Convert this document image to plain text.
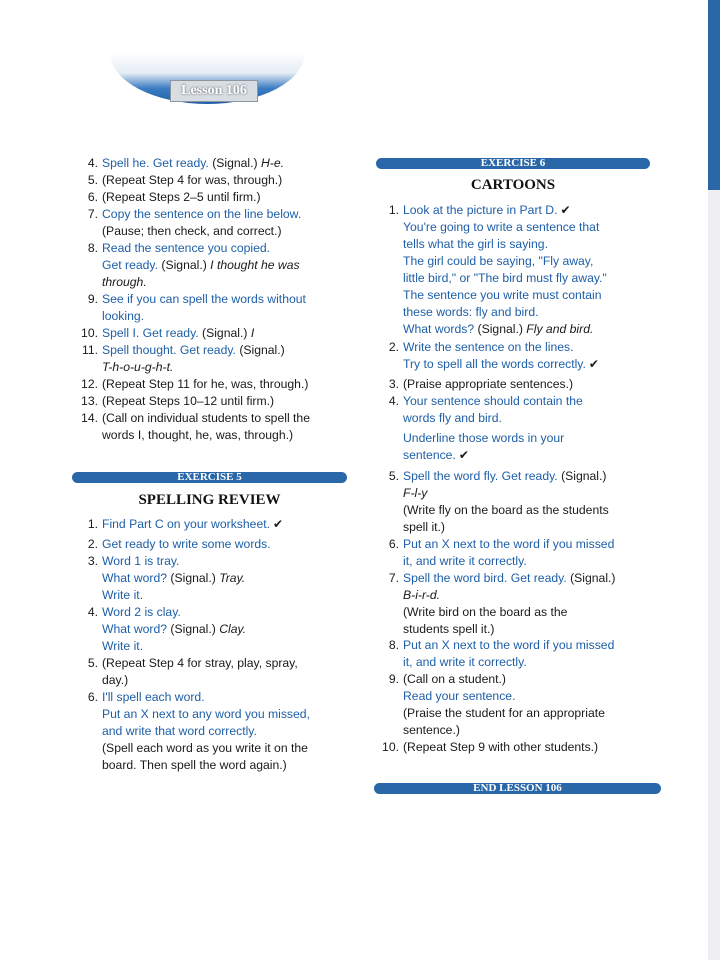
Lesson 106
4. Spell he. Get ready. (Signal.) H-e.
5. (Repeat Step 4 for was, through.)
6. (Repeat Steps 2–5 until firm.)
7. Copy the sentence on the line below.
(Pause; then check, and correct.)
8. Read the sentence you copied.
Get ready. (Signal.) I thought he was
through.
9. See if you can spell the words without
looking.
10. Spell I. Get ready. (Signal.) I
11. Spell thought. Get ready. (Signal.)
T-h-o-u-g-h-t.
12. (Repeat Step 11 for he, was, through.)
13. (Repeat Steps 10–12 until firm.)
14. (Call on individual students to spell the
words I, thought, he, was, through.)
EXERCISE 5
SPELLING REVIEW
1. Find Part C on your worksheet. ✔
2. Get ready to write some words.
3. Word 1 is tray.
What word? (Signal.) Tray.
Write it.
4. Word 2 is clay.
What word? (Signal.) Clay.
Write it.
5. (Repeat Step 4 for stray, play, spray,
day.)
6. I'll spell each word.
Put an X next to any word you missed,
and write that word correctly.
(Spell each word as you write it on the
board. Then spell the word again.)
EXERCISE 6
CARTOONS
1. Look at the picture in Part D. ✔
You're going to write a sentence that
tells what the girl is saying.
The girl could be saying, "Fly away,
little bird," or "The bird must fly away."
The sentence you write must contain
these words: fly and bird.
What words? (Signal.) Fly and bird.
2. Write the sentence on the lines.
Try to spell all the words correctly. ✔
3. (Praise appropriate sentences.)
4. Your sentence should contain the
words fly and bird.
Underline those words in your
sentence. ✔
5. Spell the word fly. Get ready. (Signal.)
F-l-y
(Write fly on the board as the students
spell it.)
6. Put an X next to the word if you missed
it, and write it correctly.
7. Spell the word bird. Get ready. (Signal.)
B-i-r-d.
(Write bird on the board as the
students spell it.)
8. Put an X next to the word if you missed
it, and write it correctly.
9. (Call on a student.)
Read your sentence.
(Praise the student for an appropriate
sentence.)
10. (Repeat Step 9 with other students.)
END LESSON 106
